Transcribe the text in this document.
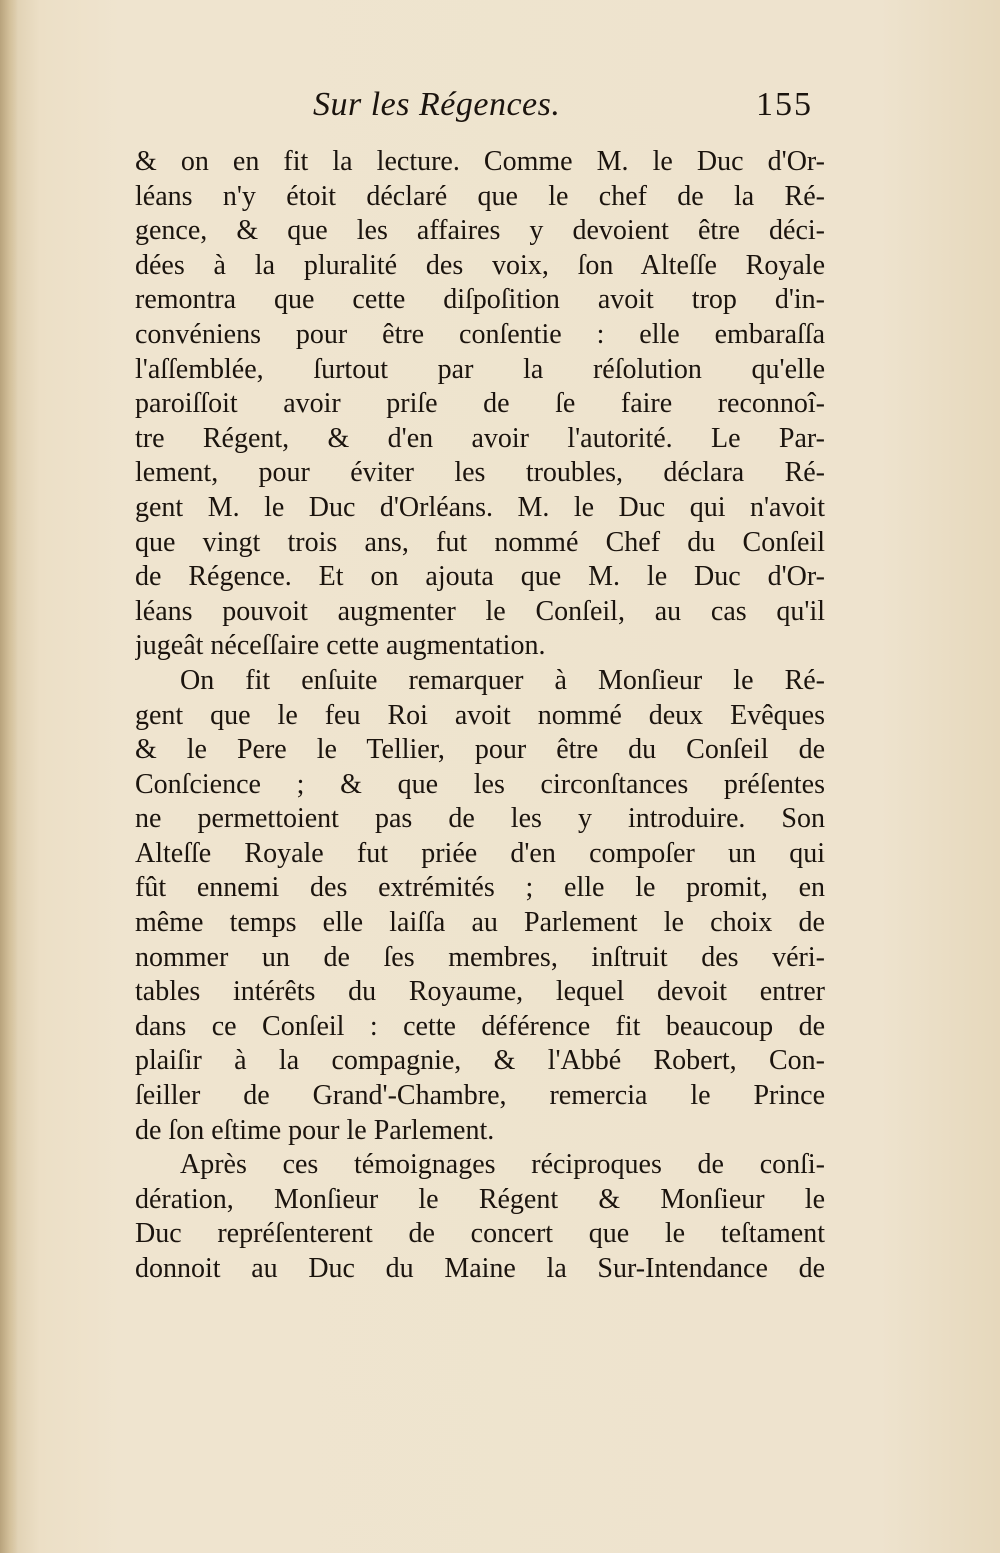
Sur les Régences.	155
& on en fit la lecture. Comme M. le Duc d'Or-
léans n'y étoit déclaré que le chef de la Ré-
gence, & que les affaires y devoient être déci-
dées à la pluralité des voix, ſon Alteſſe Royale
remontra que cette diſpoſition avoit trop d'in-
convéniens pour être conſentie : elle embaraſſa
l'aſſemblée, ſurtout par la réſolution qu'elle
paroiſſoit avoir priſe de ſe faire reconnoî-
tre Régent, & d'en avoir l'autorité. Le Par-
lement, pour éviter les troubles, déclara Ré-
gent M. le Duc d'Orléans. M. le Duc qui n'avoit
que vingt trois ans, fut nommé Chef du Conſeil
de Régence. Et on ajouta que M. le Duc d'Or-
léans pouvoit augmenter le Conſeil, au cas qu'il
jugeât néceſſaire cette augmentation.
On fit enſuite remarquer à Monſieur le Ré-
gent que le feu Roi avoit nommé deux Evêques
& le Pere le Tellier, pour être du Conſeil de
Conſcience ; & que les circonſtances préſentes
ne permettoient pas de les y introduire. Son
Alteſſe Royale fut priée d'en compoſer un qui
fût ennemi des extrémités ; elle le promit, en
même temps elle laiſſa au Parlement le choix de
nommer un de ſes membres, inſtruit des véri-
tables intérêts du Royaume, lequel devoit entrer
dans ce Conſeil : cette déférence fit beaucoup de
plaiſir à la compagnie, & l'Abbé Robert, Con-
ſeiller de Grand'-Chambre, remercia le Prince
de ſon eſtime pour le Parlement.
Après ces témoignages réciproques de conſi-
dération, Monſieur le Régent & Monſieur le
Duc repréſenterent de concert que le teſtament
donnoit au Duc du Maine la Sur-Intendance de
